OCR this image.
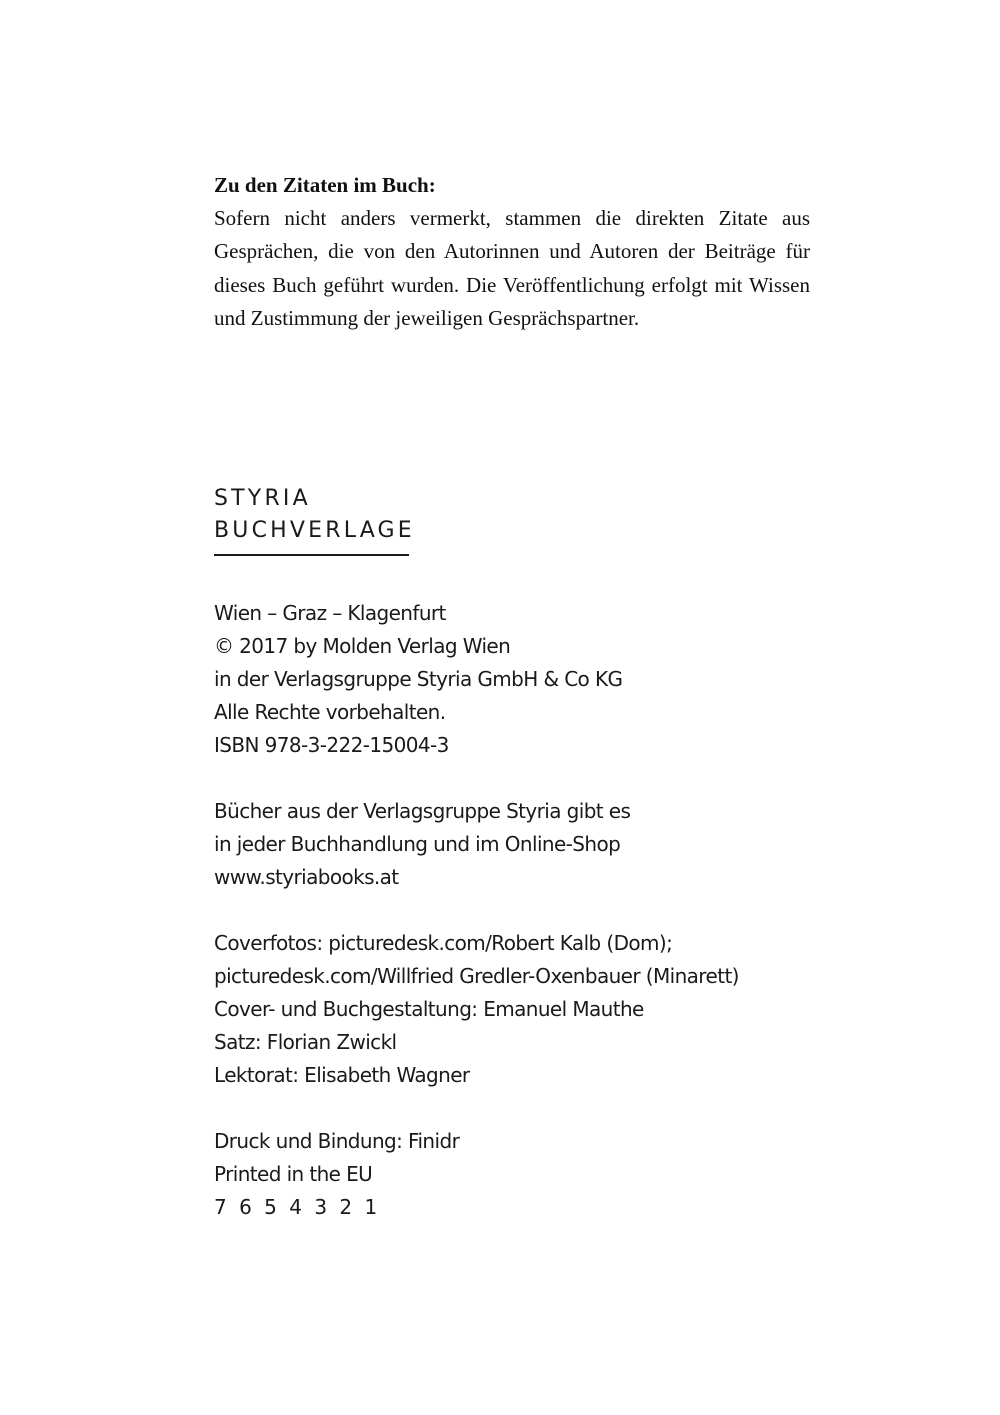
Zu den Zitaten im Buch:
Sofern nicht anders vermerkt, stammen die direkten Zitate aus Gesprächen, die von den Autorinnen und Autoren der Beiträge für dieses Buch geführt wurden. Die Veröffentlichung erfolgt mit Wissen und Zustimmung der jeweiligen Gesprächspartner.
STYRIA
BUCHVERLAGE
Wien – Graz – Klagenfurt
© 2017 by Molden Verlag Wien
in der Verlagsgruppe Styria GmbH & Co KG
Alle Rechte vorbehalten.
ISBN 978-3-222-15004-3
Bücher aus der Verlagsgruppe Styria gibt es
in jeder Buchhandlung und im Online-Shop
www.styriabooks.at
Coverfotos: picturedesk.com/Robert Kalb (Dom);
picturedesk.com/Willfried Gredler-Oxenbauer (Minarett)
Cover- und Buchgestaltung: Emanuel Mauthe
Satz: Florian Zwickl
Lektorat: Elisabeth Wagner
Druck und Bindung: Finidr
Printed in the EU
7 6 5 4 3 2 1
